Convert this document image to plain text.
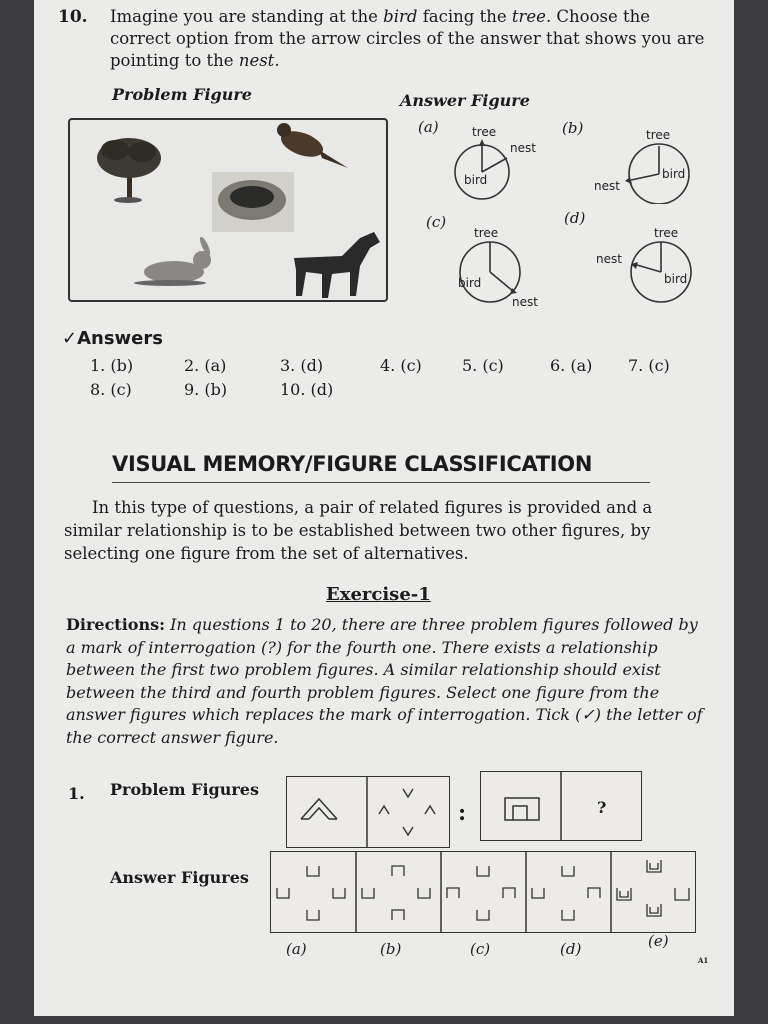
10. Imagine you are standing at the bird facing the tree. Choose the correct option from the arrow circles of the answer that shows you are pointing to the nest.
Problem Figure	Answer Figure
(a)	tree
nest
bird
(b)	tree
nest
bird
(c)
tree
bird
nest
(d)
tree
nest
bird
✓Answers
1. (b)	2. (a)	3. (d)	4. (c)	5. (c)	6. (a) 7. (c)
8. (c)	9. (b)	10. (d)
VISUAL MEMORY/FIGURE CLASSIFICATION
In this type of questions, a pair of related figures is provided and a similar relationship is to be established between two other figures, by selecting one figure from the set of alternatives.
Exercise-1
Directions: In questions 1 to 20, there are three problem figures followed by a mark of interrogation (?) for the fourth one. There exists a relationship between the first two problem figures. A similar relationship should exist between the third and fourth problem figures. Select one figure from the answer figures which replaces the mark of interrogation. Tick (✓) the letter of the correct answer figure.
1. Problem Figures
:	?
Answer Figures
(a)	(b)	(c)	(d)	(e)
A1
